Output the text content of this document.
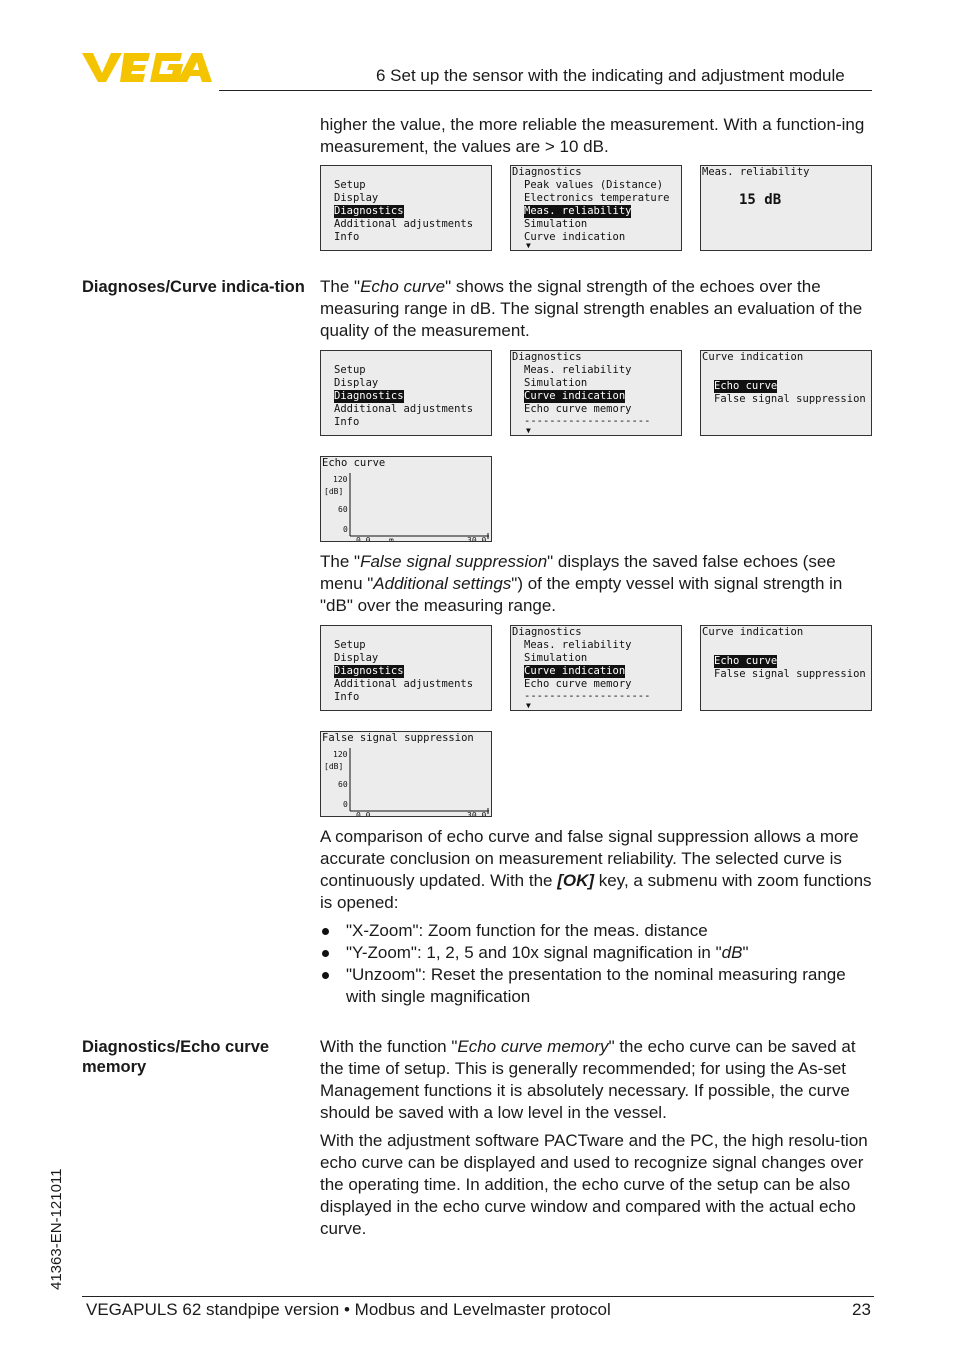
6 Set up the sensor with the indicating and adjustment module

higher the value, the more reliable the measurement. With a function-ing measurement, the values are > 10 dB.

Setup
Display
Diagnostics
Additional adjustments
Info
Diagnostics
Peak values (Distance)
Electronics temperature
Meas. reliability
Simulation
Curve indication
▼
Meas. reliability
15 dB
Diagnoses/Curve indica-tion The "Echo curve" shows the signal strength of the echoes over the measuring range in dB. The signal strength enables an evaluation of the quality of the measurement.

Setup
Display
Diagnostics
Additional adjustments
Info
Diagnostics
Meas. reliability
Simulation
Curve indication
Echo curve memory
--------------------
▼
Curve indication
Echo curve
False signal suppression
Echo curve
120
[dB]
60
0
0.0 m	30.0

The "False signal suppression" displays the saved false echoes (see menu "Additional settings") of the empty vessel with signal strength in "dB" over the measuring range.

Setup
Display
Diagnostics
Additional adjustments
Info
Diagnostics
Meas. reliability
Simulation
Curve indication
Echo curve memory
--------------------
▼
Curve indication
Echo curve
False signal suppression
False signal suppression
120
[dB]
60
0
0.0	30.0

A comparison of echo curve and false signal suppression allows a more accurate conclusion on measurement reliability. The selected curve is continuously updated. With the [OK] key, a submenu with zoom functions is opened:

"X-Zoom": Zoom function for the meas. distance
"Y-Zoom": 1, 2, 5 and 10x signal magnification in "dB"
"Unzoom": Reset the presentation to the nominal measuring range with single magnification
Diagnostics/Echo curve memory

With the function "Echo curve memory" the echo curve can be saved at the time of setup. This is generally recommended; for using the As-set Management functions it is absolutely necessary. If possible, the curve should be saved with a low level in the vessel.

With the adjustment software PACTware and the PC, the high resolu-tion echo curve can be displayed and used to recognize signal changes over the operating time. In addition, the echo curve of the setup can be also displayed in the echo curve window and compared with the actual echo curve.

41363-EN-121011
VEGAPULS 62 standpipe version • Modbus and Levelmaster protocol	23
